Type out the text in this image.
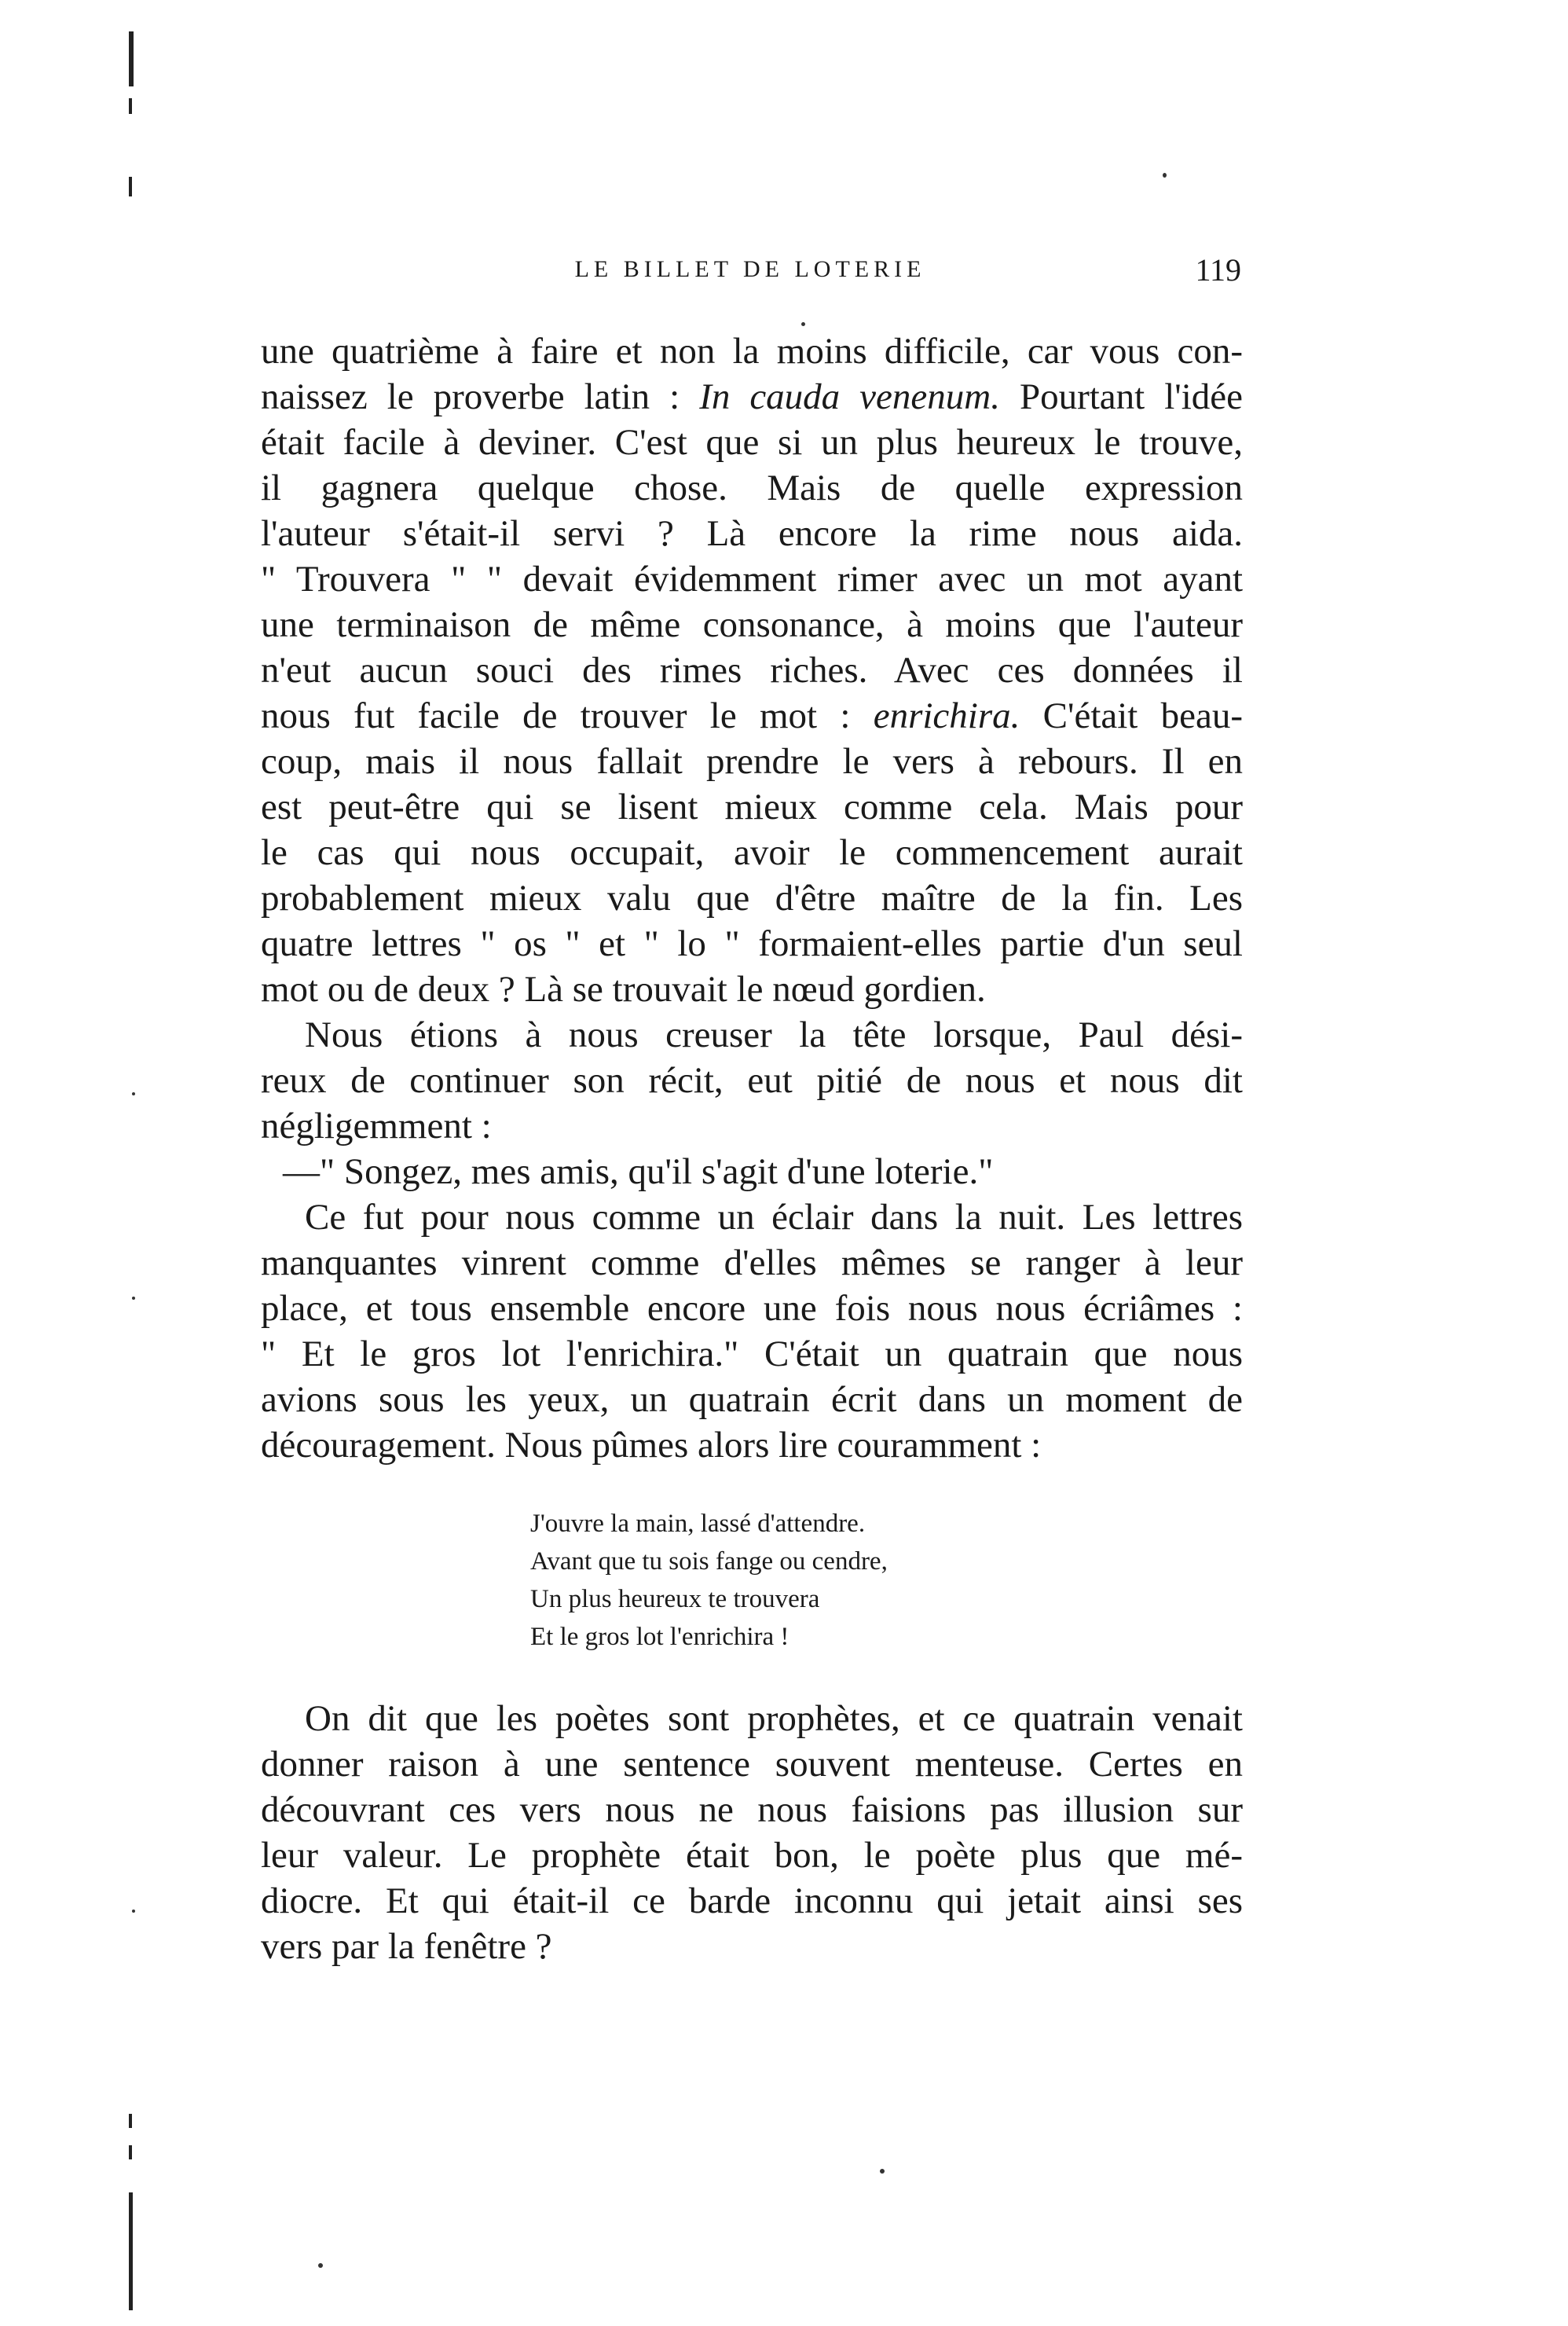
LE BILLET DE LOTERIE	119
une quatrième à faire et non la moins difficile, car vous con-
naissez le proverbe latin : In cauda venenum. Pourtant l'idée
était facile à deviner. C'est que si un plus heureux le trouve,
il gagnera quelque chose. Mais de quelle expression
l'auteur s'était-il servi ? Là encore la rime nous aida.
" Trouvera " " devait évidemment rimer avec un mot ayant
une terminaison de même consonance, à moins que l'auteur
n'eut aucun souci des rimes riches. Avec ces données il
nous fut facile de trouver le mot : enrichira. C'était beau-
coup, mais il nous fallait prendre le vers à rebours. Il en
est peut-être qui se lisent mieux comme cela. Mais pour
le cas qui nous occupait, avoir le commencement aurait
probablement mieux valu que d'être maître de la fin. Les
quatre lettres " os " et " lo " formaient-elles partie d'un seul
mot ou de deux ? Là se trouvait le nœud gordien.
Nous étions à nous creuser la tête lorsque, Paul dési-
reux de continuer son récit, eut pitié de nous et nous dit
négligemment :
—" Songez, mes amis, qu'il s'agit d'une loterie."
Ce fut pour nous comme un éclair dans la nuit. Les lettres
manquantes vinrent comme d'elles mêmes se ranger à leur
place, et tous ensemble encore une fois nous nous écriâmes :
" Et le gros lot l'enrichira." C'était un quatrain que nous
avions sous les yeux, un quatrain écrit dans un moment de
découragement. Nous pûmes alors lire couramment :
J'ouvre la main, lassé d'attendre.
Avant que tu sois fange ou cendre,
Un plus heureux te trouvera
Et le gros lot l'enrichira !
On dit que les poètes sont prophètes, et ce quatrain venait
donner raison à une sentence souvent menteuse. Certes en
découvrant ces vers nous ne nous faisions pas illusion sur
leur valeur. Le prophète était bon, le poète plus que mé-
diocre. Et qui était-il ce barde inconnu qui jetait ainsi ses
vers par la fenêtre ?
